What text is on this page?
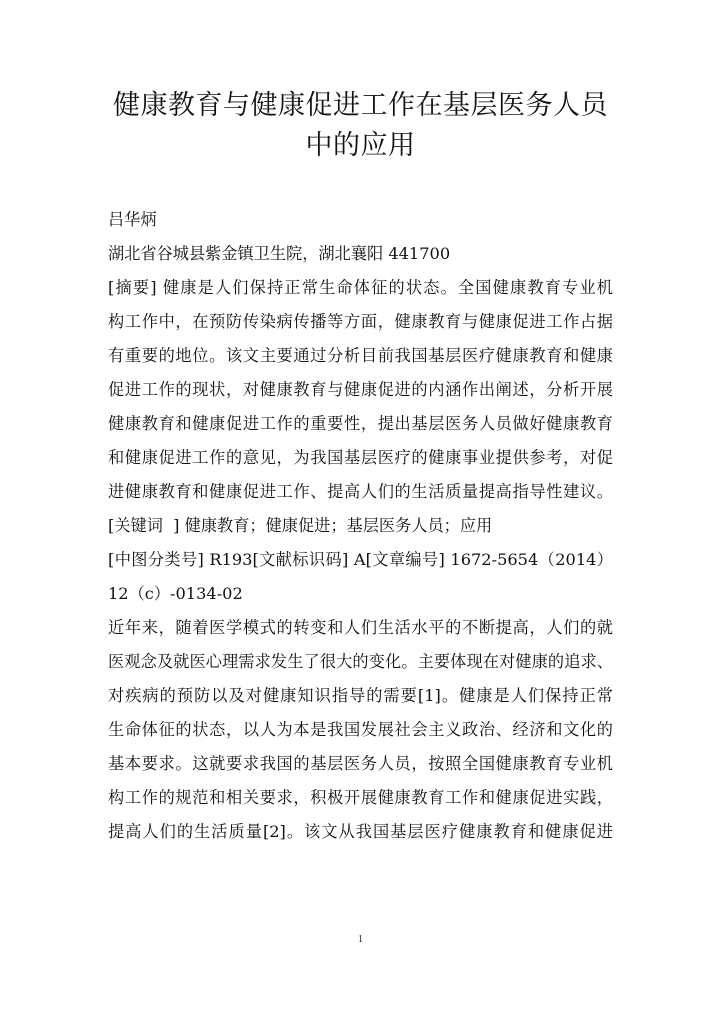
健康教育与健康促进工作在基层医务人员
中的应用
吕华炳
湖北省谷城县紫金镇卫生院，湖北襄阳 441700
[摘要] 健康是人们保持正常生命体征的状态。全国健康教育专业机
构工作中，在预防传染病传播等方面，健康教育与健康促进工作占据
有重要的地位。该文主要通过分析目前我国基层医疗健康教育和健康
促进工作的现状，对健康教育与健康促进的内涵作出阐述，分析开展
健康教育和健康促进工作的重要性，提出基层医务人员做好健康教育
和健康促进工作的意见，为我国基层医疗的健康事业提供参考，对促
进健康教育和健康促进工作、提高人们的生活质量提高指导性建议。
[关键词  ] 健康教育；健康促进；基层医务人员；应用
[中图分类号] R193[文献标识码] A[文章编号] 1672-5654（2014）
12（c）-0134-02
近年来，随着医学模式的转变和人们生活水平的不断提高，人们的就
医观念及就医心理需求发生了很大的变化。主要体现在对健康的追求、
对疾病的预防以及对健康知识指导的需要[1]。健康是人们保持正常
生命体征的状态，以人为本是我国发展社会主义政治、经济和文化的
基本要求。这就要求我国的基层医务人员，按照全国健康教育专业机
构工作的规范和相关要求，积极开展健康教育工作和健康促进实践，
提高人们的生活质量[2]。该文从我国基层医疗健康教育和健康促进
1
